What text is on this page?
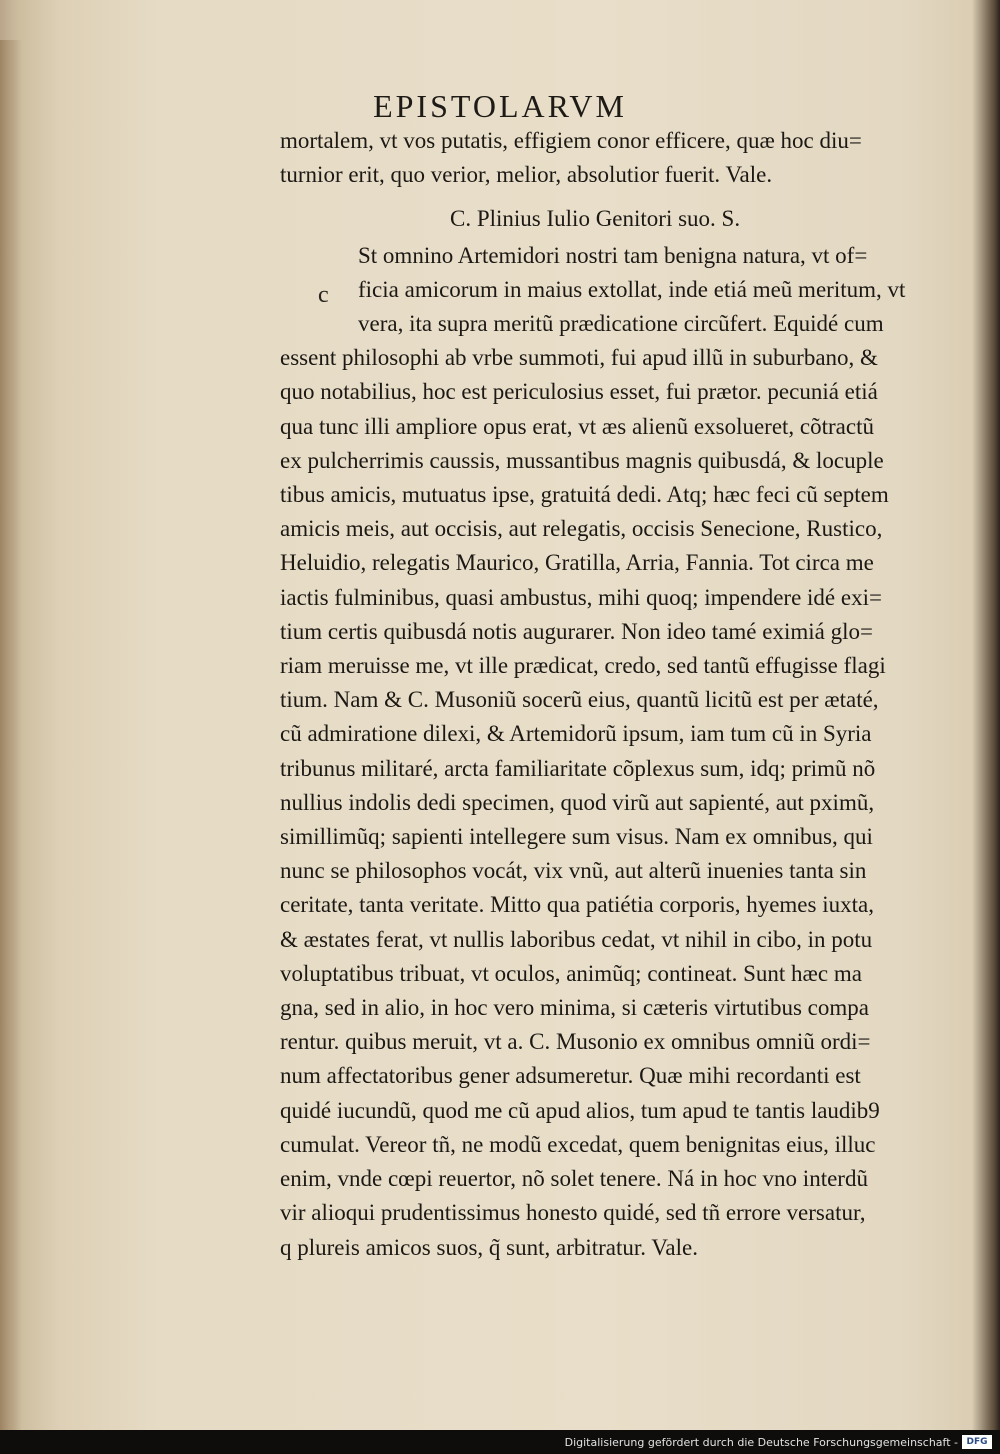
EPISTOLARVM
c
mortalem, vt vos putatis, effigiem conor efficere, quæ hoc diu=
turnior erit, quo verior, melior, absolutior fuerit. Vale.
C. Plinius Iulio Genitori suo. S.
St omnino Artemidori nostri tam benigna natura, vt of=
ficia amicorum in maius extollat, inde etiá meũ meritum, vt
vera, ita supra meritũ prædicatione circũfert. Equidé cum
essent philosophi ab vrbe summoti, fui apud illũ in suburbano, &
quo notabilius, hoc est periculosius esset, fui prætor. pecuniá etiá
qua tunc illi ampliore opus erat, vt æs alienũ exsolueret, cõtractũ
ex pulcherrimis caussis, mussantibus magnis quibusdá, & locuple
tibus amicis, mutuatus ipse, gratuitá dedi. Atq; hæc feci cũ septem
amicis meis, aut occisis, aut relegatis, occisis Senecione, Rustico,
Heluidio, relegatis Maurico, Gratilla, Arria, Fannia. Tot circa me
iactis fulminibus, quasi ambustus, mihi quoq; impendere idé exi=
tium certis quibusdá notis augurarer. Non ideo tamé eximiá glo=
riam meruisse me, vt ille prædicat, credo, sed tantũ effugisse flagi
tium. Nam & C. Musoniũ socerũ eius, quantũ licitũ est per ætaté,
cũ admiratione dilexi, & Artemidorũ ipsum, iam tum cũ in Syria
tribunus militaré, arcta familiaritate cõplexus sum, idq; primũ nõ
nullius indolis dedi specimen, quod virũ aut sapienté, aut pximũ,
simillimũq; sapienti intellegere sum visus. Nam ex omnibus, qui
nunc se philosophos vocát, vix vnũ, aut alterũ inuenies tanta sin
ceritate, tanta veritate. Mitto qua patiétia corporis, hyemes iuxta,
& æstates ferat, vt nullis laboribus cedat, vt nihil in cibo, in potu
voluptatibus tribuat, vt oculos, animũq; contineat. Sunt hæc ma
gna, sed in alio, in hoc vero minima, si cæteris virtutibus compa
rentur. quibus meruit, vt a. C. Musonio ex omnibus omniũ ordi=
num affectatoribus gener adsumeretur. Quæ mihi recordanti est
quidé iucundũ, quod me cũ apud alios, tum apud te tantis laudib9
cumulat. Vereor tñ, ne modũ excedat, quem benignitas eius, illuc
enim, vnde cœpi reuertor, nõ solet tenere. Ná in hoc vno interdũ
vir alioqui prudentissimus honesto quidé, sed tñ errore versatur,
q plureis amicos suos, q̃ sunt, arbitratur. Vale.
Digitalisierung gefördert durch die Deutsche Forschungsgemeinschaft - DFG
